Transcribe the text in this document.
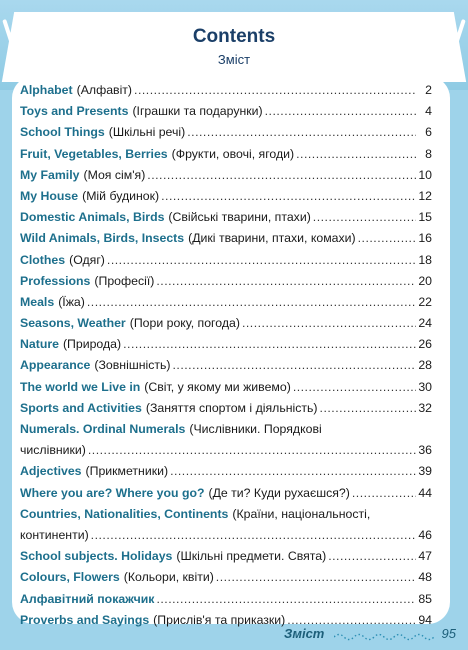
Contents
Зміст
Alphabet (Алфавіт) .....	2
Toys and Presents (Іграшки та подарунки) .....	4
School Things (Шкільні речі) .....	6
Fruit, Vegetables, Berries (Фрукти, овочі, ягоди) .....	8
My Family (Моя сім'я) .....	10
My House (Мій будинок) .....	12
Domestic Animals, Birds (Свійські тварини, птахи) .....	15
Wild Animals, Birds, Insects (Дикі тварини, птахи, комахи) .....	16
Clothes (Одяг) .....	18
Professions (Професії) .....	20
Meals (Їжа) .....	22
Seasons, Weather (Пори року, погода) .....	24
Nature (Природа) .....	26
Appearance (Зовнішність) .....	28
The world we Live in (Світ, у якому ми живемо) .....	30
Sports and Activities (Заняття спортом і діяльність) .....	32
Numerals. Ordinal Numerals (Числівники. Порядкові
числівники) .....	36
Adjectives (Прикметники) .....	39
Where you are? Where you go? (Де ти? Куди рухаєшся?) .....	44
Countries, Nationalities, Continents (Країни, національності,
континенти) .....	46
School subjects. Holidays (Шкільні предмети. Свята) .....	47
Colours, Flowers (Кольори, квіти) .....	48
Алфавітний покажчик .....	85
Proverbs and Sayings (Прислів'я та приказки) .....	94
Зміст	95
